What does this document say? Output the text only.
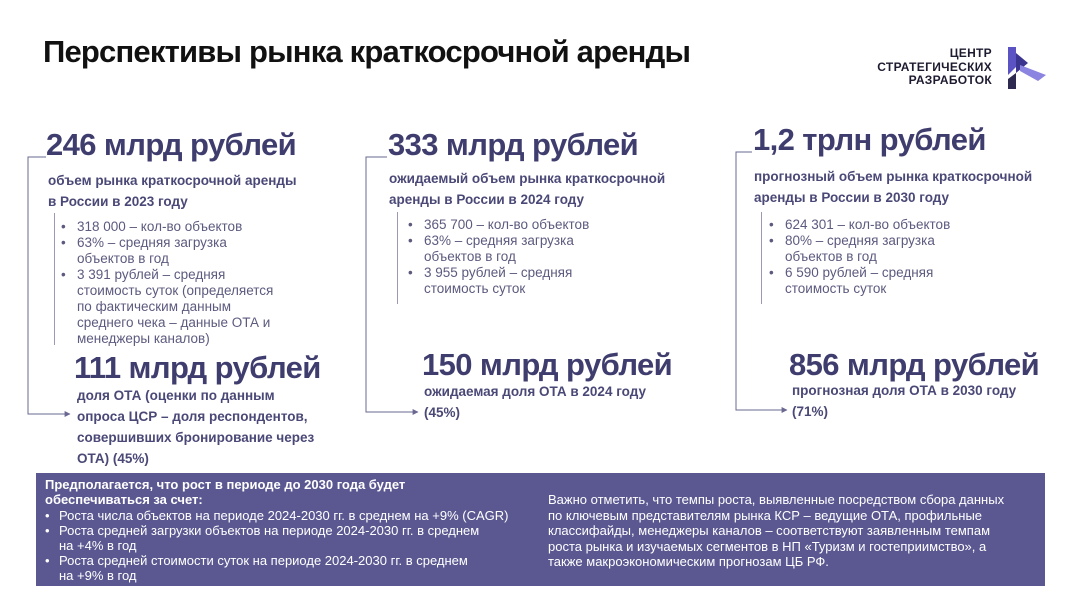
Перспективы рынка краткосрочной аренды	ЦЕНТР
СТРАТЕГИЧЕСКИХ
РАЗРАБОТОК
246 млрд рублей
объем рынка краткосрочной аренды
в России в 2023 году
• 318 000 – кол-во объектов
• 63% – средняя загрузка
объектов в год
• 3 391 рублей – средняя
стоимость суток (определяется
по фактическим данным
среднего чека – данные ОТА и
менеджеры каналов)
111 млрд рублей
доля ОТА (оценки по данным
опроса ЦСР – доля респондентов,
совершивших бронирование через
ОТА) (45%)
333 млрд рублей
ожидаемый объем рынка краткосрочной
аренды в России в 2024 году
• 365 700 – кол-во объектов
• 63% – средняя загрузка
объектов в год
• 3 955 рублей – средняя
стоимость суток
150 млрд рублей
ожидаемая доля ОТА в 2024 году
(45%)
1,2 трлн рублей
прогнозный объем рынка краткосрочной
аренды в России в 2030 году
• 624 301 – кол-во объектов
• 80% – средняя загрузка
объектов в год
• 6 590 рублей – средняя
стоимость суток
856 млрд рублей
прогнозная доля ОТА в 2030 году
(71%)
Предполагается, что рост в периоде до 2030 года будет
обеспечиваться за счет:
• Роста числа объектов на периоде 2024-2030 гг. в среднем на +9% (CAGR)
• Роста средней загрузки объектов на периоде 2024-2030 гг. в среднем
на +4% в год
• Роста средней стоимости суток на периоде 2024-2030 гг. в среднем
на +9% в год
Важно отметить, что темпы роста, выявленные посредством сбора данных
по ключевым представителям рынка КСР – ведущие ОТА, профильные
классифайды, менеджеры каналов – соответствуют заявленным темпам
роста рынка и изучаемых сегментов в НП «Туризм и гостеприимство», а
также макроэкономическим прогнозам ЦБ РФ.
